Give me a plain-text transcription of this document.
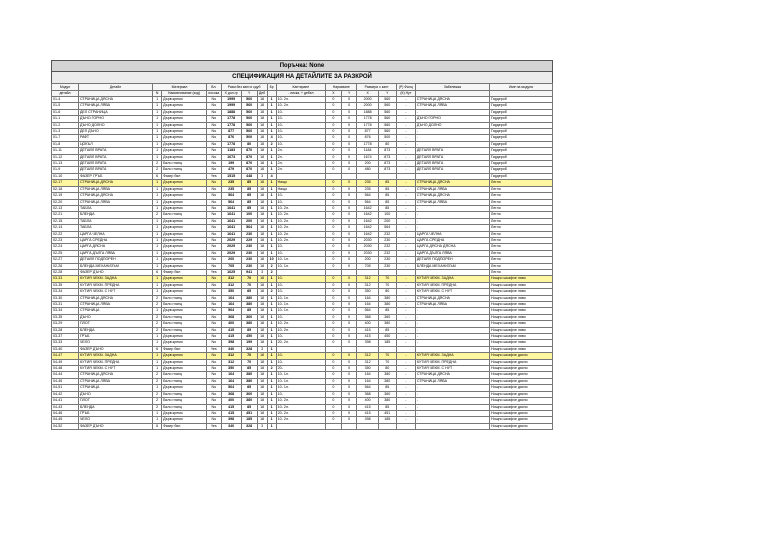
Поръчка: None
СПЕЦИФИКАЦИЯ НА ДЕТАЙЛИТЕ ЗА РАЗКРОЙ
Модул	Детайл	Материал		Вл.	Разм.без кант.и сдуб			Бр	Кантиране	Нарязване		Размери с кант		(Р) Фалц	Забележка	Име на модула
детайл		N	Наименование (код)	посока	X дол.гр	Y	Деб		- ниска, + дебел	X	Y	X	Y	(К) Нут		
01-4	СТРАНИЦА ДЯСНА	1	Дърв.кремо	No	1999	560	18	1	10- 2л.	0	0	2000	560	-	СТРАНИЦА ДЯСНА	Гардероб
01-5	СТРАНИЦА ЛЯВА	1	Дърв.кремо	No	1999	560	18	1	10- 2л.	0	0	2000	560	-	СТРАНИЦА ЛЯВА	Гардероб
01-6	ДЕЛ СТРАНИЦА	1	Дърв.кремо	No	1888	560	18	1	10-	0	0	1888	560	-	-	Гардероб
01-1	ДЪНО ГОРНО	1	Дърв.кремо	No	1778	560	18	1	10-	0	0	1778	560	-	ДЪНО ГОРНО	Гардероб
01-2	ДЪНО ДОЛНО	1	Дърв.кремо	No	1778	560	18	1	10-	0	0	1778	560	-	ДЪНО ДОЛНО	Гардероб
01-3	ДЕЛ ДЪНО	1	Дърв.кремо	No	877	560	18	1	10-	0	0	877	560	-	-	Гардероб
01-7	РАФТ	1	Дърв.кремо	No	876	500	18	4	10-	0	0	876	500	-	-	Гардероб
01-8	ЦОКЪЛ	1	Дърв.кремо	No	1778	80	18	2	10-	0	0	1778	80	-	-	Гардероб
01-11	ДЕТАЙЛ ВРАТА	1	Дърв.кремо	No	1183	870	18	1	2л.	0	0	1184	873	-	ДЕТАЙЛ ВРАТА	Гардероб
01-12	ДЕТАЙЛ ВРАТА	1	Дърв.кремо	No	1673	870	18	1	2л.	0	0	1674	873	-	ДЕТАЙЛ ВРАТА	Гардероб
01-13	ДЕТАЙЛ ВРАТА	2	Бяло гланц	No	199	870	18	1	2л.	0	0	200	873	-	ДЕТАЙЛ ВРАТА	Гардероб
01-9	ДЕТАЙЛ ВРАТА	2	Бяло гланц	No	479	870	18	1	2л.	0	0	480	873	-	ДЕТАЙЛ ВРАТА	Гардероб
01-10	ФАЗЕР ГРЪБ	6	Фазер бял	Yes	1515	448	3	4								Гардероб
02-17	СТРАНИЦА ДЯСНА	1	Дърв.кремо	No	235	85	18	1	Нищо	0	0	235	85	-	СТРАНИЦА ДЯСНА	Легло
02-18	СТРАНИЦА ЛЯВА	1	Дърв.кремо	No	235	85	18	1	Нищо	0	0	235	85	-	СТРАНИЦА ЛЯВА	Легло
02-19	СТРАНИЦА ДЯСНА	1	Дърв.кремо	No	564	85	18	1	10-	0	0	564	85	-	СТРАНИЦА ДЯСНА	Легло
02-20	СТРАНИЦА ЛЯВА	1	Дърв.кремо	No	564	85	18	1	10-	0	0	564	85	-	СТРАНИЦА ЛЯВА	Легло
02-13	ТАБЛА	1	Дърв.кремо	No	1641	85	18	1	10- 2л.	0	0	1642	85	-	-	Легло
02-21	БЛЕНДА	2	Бяло гланц	No	1641	100	18	1	10- 2л.	0	0	1642	100	-	-	Легло
02-15	ТАБЛА	1	Дърв.кремо	No	1641	200	18	1	10- 2л.	0	0	1642	200	-	-	Легло
02-14	ТАБЛА	1	Дърв.кремо	No	1641	564	18	1	10- 2л.	0	0	1642	564	-	-	Легло
02-22	ЦАРГА ЧЕЛНА	1	Дърв.кремо	No	1641	230	18	1	10- 2л.	0	0	1642	232	-	ЦАРГА ЧЕЛНА	Легло
02-23	ЦАРГА СРЕДНА	1	Дърв.кремо	No	2029	229	18	1	10- 2л.	0	0	2030	230	-	ЦАРГА СРЕДНА	Легло
02-24	ЦАРГА ДЯСНА	1	Дърв.кремо	No	2029	230	18	1	10-	0	0	2030	232	-	ЦАРГА ДЯСНА ДЯСНА	Легло
02-25	ЦАРГА ДЪЛГА ЛЯВА	1	Дърв.кремо	No	2029	230	18	1	10-	0	0	2030	232	-	ЦАРГА ДЪЛГА ЛЯВА	Легло
02-27	ДЕТАЙЛ ПОДПОРЕН	1	Дърв.кремо	No	200	230	18	10	10- 1л.	0	0	200	230	-	ДЕТАЙЛ ПОДПОРЕН	Легло
02-26	БЛЕНДА МЕХАНИЗЪМ	1	Дърв.кремо	No	705	230	18	2	10- 1л.	0	0	705	230	-	БЛЕНДА МЕХАНИЗЪМ	Легло
02-28	ФАЗЕР ДЪНО	6	Фазер бял	Yes	1625	941	3	2								Легло
03-33	КУТИЯ ЧЕКМ. ЗАДНА	1	Дърв.кремо	No	312	70	18	1	10-	0	0	312	70	-	КУТИЯ ЧЕКМ. ЗАДНА	Нощно шкафче ляво
03-35	КУТИЯ ЧЕКМ. ПРЕДНА	1	Дърв.кремо	No	312	70	18	1	10-	0	0	312	70	-	КУТИЯ ЧЕКМ. ПРЕДНА	Нощно шкафче ляво
03-34	КУТИЯ ЧЕКМ. С НУТ	1	Дърв.кремо	No	350	85	18	2	10-	0	0	350	80	-	КУТИЯ ЧЕКМ. С НУТ	Нощно шкафче ляво
03-30	СТРАНИЦА ДЯСНА	2	Бяло гланц	No	164	380	18	1	10- 1л.	0	0	164	380	-	СТРАНИЦА ДЯСНА	Нощно шкафче ляво
03-31	СТРАНИЦА ЛЯВА	2	Бяло гланц	No	164	380	18	1	10- 1л.	0	0	164	380	-	СТРАНИЦА ЛЯВА	Нощно шкафче ляво
03-34	СТРАНИЦА	1	Дърв.кремо	No	564	85	18	1	10- 1л.	0	0	564	85	-	-	Нощно шкафче ляво
03-35	ДЪНО	2	Бяло гланц	No	368	360	18	1	10-	0	0	368	360	-	-	Нощно шкафче ляво
03-29	ПЛОТ	2	Бяло гланц	No	400	380	18	1	10- 2л.	0	0	400	380	-	-	Нощно шкафче ляво
03-28	БЛЕНДА	2	Бяло гланц	No	415	85	18	1	10- 2л.	0	0	415	85	-	-	Нощно шкафче ляво
03-37	ГРЪБ	1	Дърв.кремо	No	415	450	18	1	10-	0	0	415	450	-	-	Нощно шкафче ляво
03-33	ЧЕЛО	1	Дърв.кремо	No	398	199	18	1	20- 2л.	0	0	398	185	-	-	Нощно шкафче ляво
03-40	ФАЗЕР ДЪНО	6	Фазер бял	Yes	340	328	3	1								Нощно шкафче ляво
04-47	КУТИЯ ЧЕКМ. ЗАДНА	1	Дърв.кремо	No	312	70	18	1	10-	0	0	312	70	-	КУТИЯ ЧЕКМ. ЗАДНА	Нощно шкафче дясно
04-49	КУТИЯ ЧЕКМ. ПРЕДНА	1	Дърв.кремо	No	312	70	18	1	10-	0	0	312	70	-	КУТИЯ ЧЕКМ. ПРЕДНА	Нощно шкафче дясно
04-48	КУТИЯ ЧЕКМ. С НУТ	1	Дърв.кремо	No	350	85	18	2	20-	0	0	350	80	-	КУТИЯ ЧЕКМ. С НУТ	Нощно шкафче дясно
04-44	СТРАНИЦА ДЯСНА	2	Бяло гланц	No	164	380	18	1	10- 1л.	0	0	164	380	-	СТРАНИЦА ДЯСНА	Нощно шкафче дясно
04-45	СТРАНИЦА ЛЯВА	2	Бяло гланц	No	164	380	18	1	10- 1л.	0	0	164	380	-	СТРАНИЦА ЛЯВА	Нощно шкафче дясно
04-51	СТРАНИЦА	1	Дърв.кремо	No	564	85	18	1	10- 1л.	0	0	564	85	-	-	Нощно шкафче дясно
04-42	ДЪНО	2	Бяло гланц	No	368	360	18	1	10-	0	0	368	360	-	-	Нощно шкафче дясно
04-41	ПЛОТ	2	Бяло гланц	No	400	380	18	1	10- 2л.	0	0	400	380	-	-	Нощно шкафче дясно
04-43	БЛЕНДА	2	Бяло гланц	No	415	85	18	1	10- 2л.	0	0	415	85	-	-	Нощно шкафче дясно
04-46	ГРЪБ	1	Дърв.кремо	No	415	451	18	1	20- 2л.	0	0	415	451	-	-	Нощно шкафче дясно
04-45	ЧЕЛО	1	Дърв.кремо	No	398	185	18	1	10- 2л.	0	0	398	185	-	-	Нощно шкафче дясно
04-52	ФАЗЕР ДЪНО	6	Фазер бял	Yes	340	328	3	1								Нощно шкафче дясно
